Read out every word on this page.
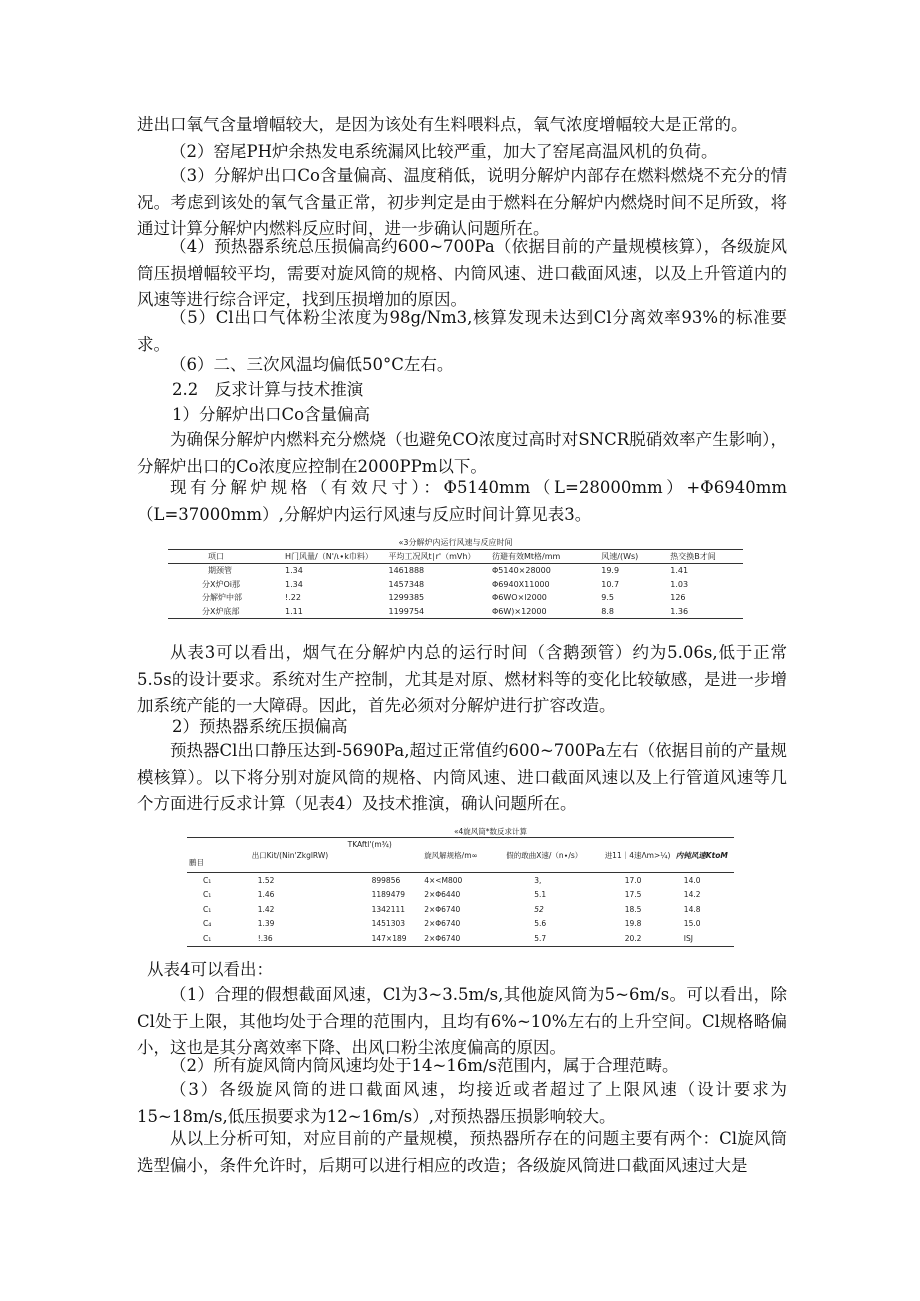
进出口氧气含量增幅较大，是因为该处有生料喂料点，氧气浓度增幅较大是正常的。

（2）窑尾PH炉余热发电系统漏风比较严重，加大了窑尾高温风机的负荷。

（3）分解炉出口Co含量偏高、温度稍低，说明分解炉内部存在燃料燃烧不充分的情况。考虑到该处的氧气含量正常，初步判定是由于燃料在分解炉内燃烧时间不足所致，将通过计算分解炉内燃料反应时间，进一步确认问题所在。

（4）预热器系统总压损偏高约600~700Pa（依据目前的产量规模核算），各级旋风筒压损增幅较平均，需要对旋风筒的规格、内筒风速、进口截面风速，以及上升管道内的风速等进行综合评定，找到压损增加的原因。

（5）Cl出口气体粉尘浓度为98g/Nm3,核算发现未达到Cl分离效率93%的标准要求。

（6）二、三次风温均偏低50°C左右。

2.2　反求计算与技术推演

1）分解炉出口Co含量偏高

为确保分解炉内燃料充分燃烧（也避免CO浓度过高时对SNCR脱硝效率产生影响），分解炉出口的Co浓度应控制在2000PPm以下。

现有分解炉规格（有效尺寸）：Φ5140mm（L=28000mm）+Φ6940mm（L=37000mm）,分解炉内运行风速与反应时间计算见表3。

«3分解炉内运行风速与反应时间
项口	H门风量/（N'/ι∙k巾料）	平均工况风t∣r'（mVh）	彷避有效Mt格/mm	风速/(Ws)	热交换B才间
期颈管	1.34	1461888	Φ5140×28000	19.9	1.41
分X炉Oi那	1.34	1457348	Φ6940X11000	10.7	1.03
分解炉中部	!.22	1299385	Φ6WO×l2000	9.5	126
分X炉底部	1.11	1199754	Φ6W)×12000	8.8	1.36

从表3可以看出，烟气在分解炉内总的运行时间（含鹅颈管）约为5.06s,低于正常5.5s的设计要求。系统对生产控制，尤其是对原、燃材料等的变化比较敏感，是进一步增加系统产能的一大障碍。因此，首先必须对分解炉进行扩容改造。

2）预热器系统压损偏高

预热器Cl出口静压达到-5690Pa,超过正常值约600~700Pa左右（依据目前的产量规模核算）。以下将分别对旋风筒的规格、内筒风速、进口截面风速以及上行管道风速等几个方面进行反求计算（见表4）及技术推演，确认问题所在。

«4旋风筒*数反求计算
鹏目	出口Kit/(Nin'ZkglRW)	TKAftl'(m¾)	旋风解规格/m∞	假的敢曲X速/（n∙/s）	进11｜4速Λm>¼)	内钝风速KtoM
C₁	1.52	899856	4×<M800	3,	17.0	14.0
C₁	1.46	1189479	2×Φ6440	5.1	17.5	14.2
C₁	1.42	1342111	2×Φ6740	52	18.5	14.8
C₄	1.39	1451303	2×Φ6740	5.6	19.8	15.0
C₁	!.36	147×189	2×Φ6740	5.7	20.2	ISJ

从表4可以看出：

（1）合理的假想截面风速，Cl为3~3.5m∕s,其他旋风筒为5~6m/s。可以看出，除Cl处于上限，其他均处于合理的范围内，且均有6%~10%左右的上升空间。Cl规格略偏小，这也是其分离效率下降、出风口粉尘浓度偏高的原因。

（2）所有旋风筒内筒风速均处于14~16m∕s范围内，属于合理范畴。

（3）各级旋风筒的进口截面风速，均接近或者超过了上限风速（设计要求为15~18m∕s,低压损要求为12~16m∕s）,对预热器压损影响较大。

从以上分析可知，对应目前的产量规模，预热器所存在的问题主要有两个：Cl旋风筒选型偏小，条件允许时，后期可以进行相应的改造；各级旋风筒进口截面风速过大是
